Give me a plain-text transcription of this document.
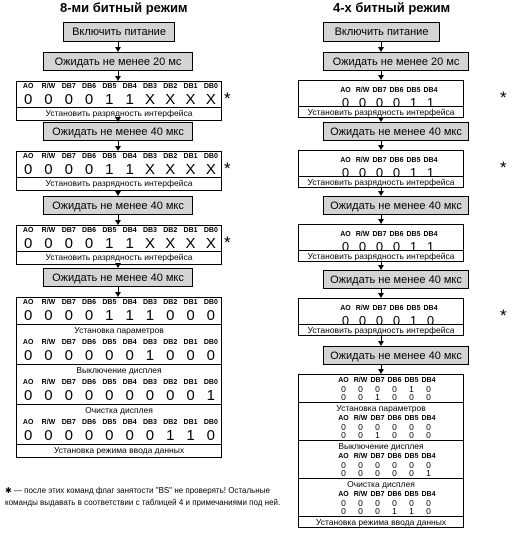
8-ми битный режим	4-х битный режим
✱ — после этих команд флаг занятости "BS" не проверять! Остальные команды выдавать в соответствии с таблицей 4 и примечаниями под ней.
Включить питание
Ожидать не менее 20 мс
AO	R/W DB7 DB6 DB5 DB4 DB3 DB2 DB1 DB0
0 0 0 0 1 1 X X X X
Установить разрядность интерфейса
*
Ожидать не менее 40 мкс
AO	R/W DB7 DB6 DB5 DB4 DB3 DB2 DB1 DB0
0 0 0 0 1 1 X X X X
Установить разрядность интерфейса
*
Ожидать не менее 40 мкс
AO	R/W DB7 DB6 DB5 DB4 DB3 DB2 DB1 DB0
0 0 0 0 1 1 X X X X
Установить разрядность интерфейса
*
Ожидать не менее 40 мкс
AO	R/W DB7 DB6 DB5 DB4 DB3 DB2 DB1 DB0
0 0 0 0 1 1 1 0 0 0
Установка параметров
AO	R/W DB7 DB6 DB5 DB4 DB3 DB2 DB1 DB0
0 0 0 0 0 0 1 0 0 0
Выключение дисплея
AO	R/W DB7 DB6 DB5 DB4 DB3 DB2 DB1 DB0
0 0 0 0 0 0 0 0 0 1
Очистка дисплея
AO	R/W DB7 DB6 DB5 DB4 DB3 DB2 DB1 DB0
0 0 0 0 0 0 0 1 1 0
Установка режима ввода данных
Включить питание
Ожидать не менее 20 мс
AO R/W DB7 DB6 DB5 DB4
0 0 0 0 1 1
Установить разрядность интерфейса
*
Ожидать не менее 40 мкс
AO R/W DB7 DB6 DB5 DB4
0 0 0 0 1 1
Установить разрядность интерфейса
*
Ожидать не менее 40 мкс
AO R/W DB7 DB6 DB5 DB4
0 0 0 0 1 1
Установить разрядность интерфейса
Ожидать не менее 40 мкс
AO R/W DB7 DB6 DB5 DB4
0 0 0 0 1 0
Установить разрядность интерфейса
*
Ожидать не менее 40 мкс
AO R/W DB7 DB6 DB5 DB4
0	0	0	0	1	0
0	0	1	0	0	0
Установка параметров
AO R/W DB7 DB6 DB5 DB4
0	0	0	0	0	0
0	0	1	0	0	0
Выключение дисплея
AO R/W DB7 DB6 DB5 DB4
0	0	0	0	0	0
0	0	0	0	0	1
Очистка дисплея
AO R/W DB7 DB6 DB5 DB4
0	0	0	0	0	0
0	0	0	1	1	0
Установка режима ввода данных
